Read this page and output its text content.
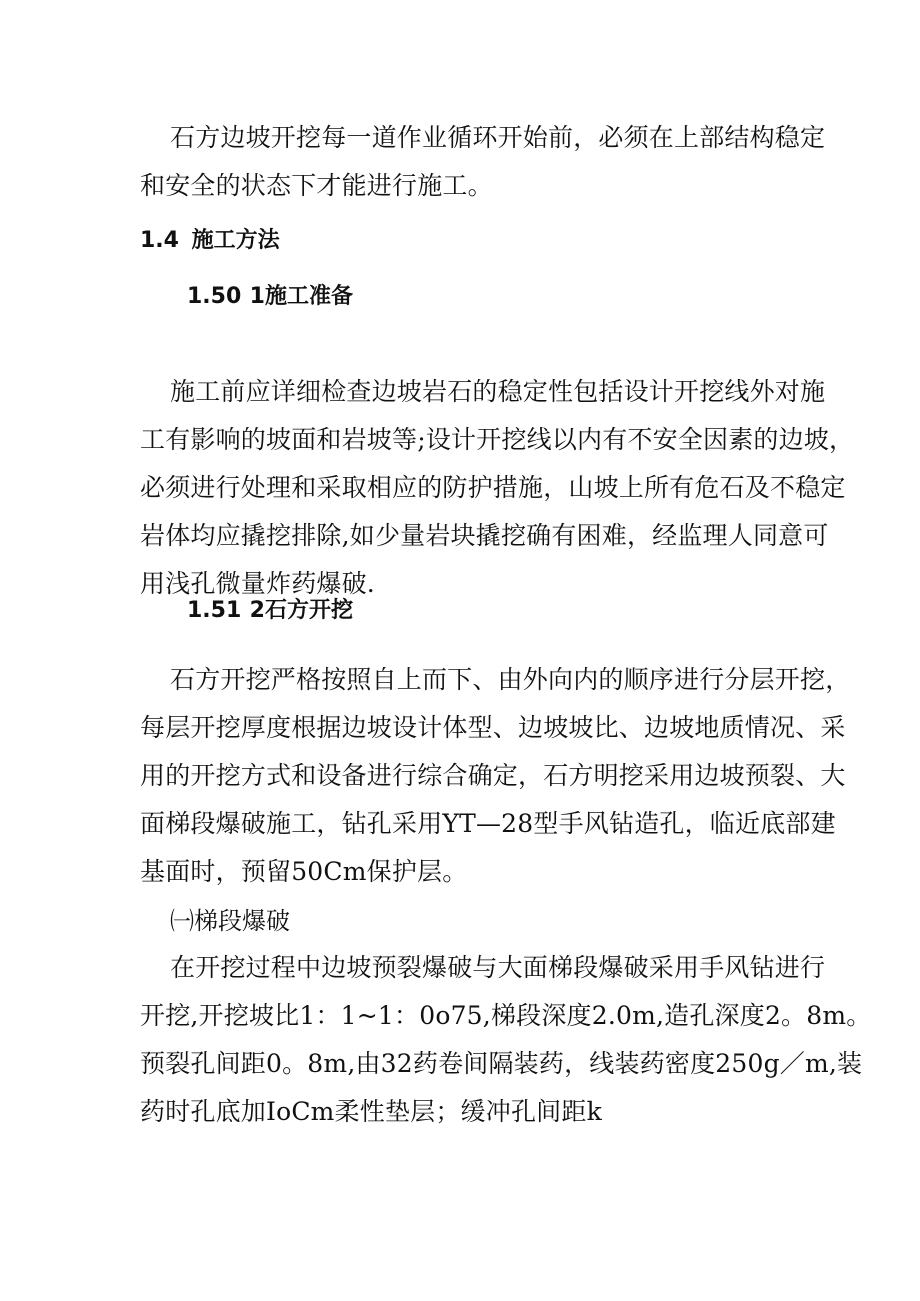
石方边坡开挖每一道作业循环开始前，必须在上部结构稳定
和安全的状态下才能进行施工。

1.4 施工方法
1.50 1施工准备

施工前应详细检查边坡岩石的稳定性包括设计开挖线外对施
工有影响的坡面和岩坡等;设计开挖线以内有不安全因素的边坡，
必须进行处理和采取相应的防护措施，山坡上所有危石及不稳定
岩体均应撬挖排除,如少量岩块撬挖确有困难，经监理人同意可
用浅孔微量炸药爆破.

1.51 2石方开挖

石方开挖严格按照自上而下、由外向内的顺序进行分层开挖，
每层开挖厚度根据边坡设计体型、边坡坡比、边坡地质情况、采
用的开挖方式和设备进行综合确定，石方明挖采用边坡预裂、大
面梯段爆破施工，钻孔采用YT—28型手风钻造孔，临近底部建
基面时，预留50Cm保护层。

㈠梯段爆破

在开挖过程中边坡预裂爆破与大面梯段爆破采用手风钻进行
开挖,开挖坡比1：1~1：0o75,梯段深度2.0m,造孔深度2。8m。
预裂孔间距0。8m,由32药卷间隔装药，线装药密度250g／m,装
药时孔底加IoCm柔性垫层；缓冲孔间距k
